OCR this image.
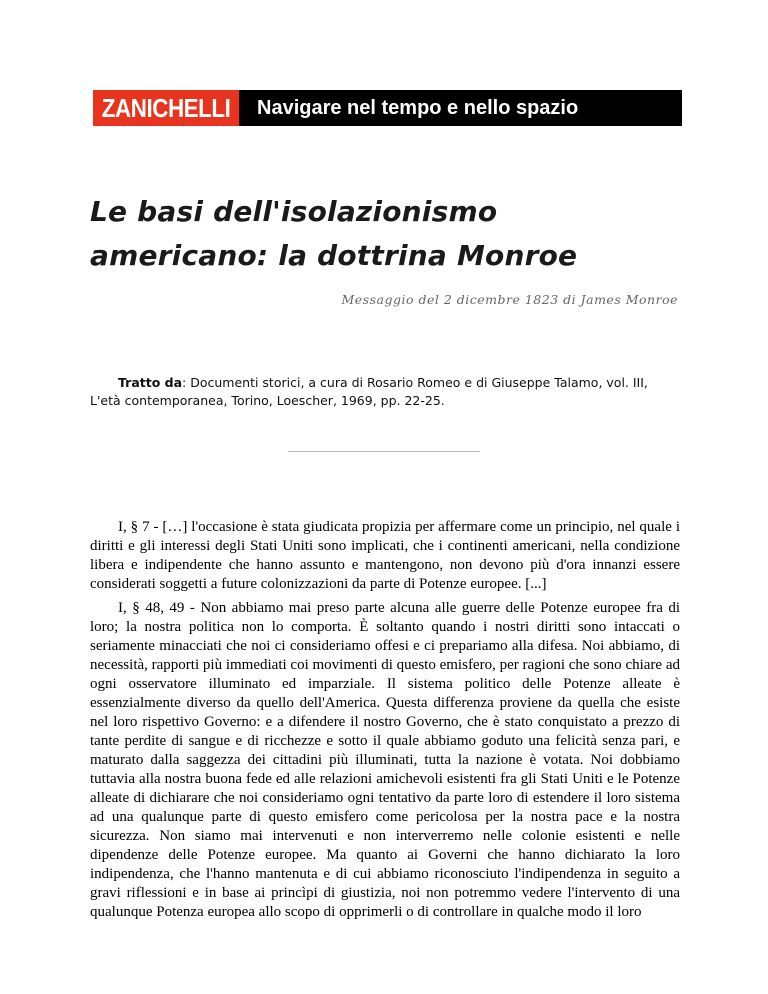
ZANICHELLI	Navigare nel tempo e nello spazio
Le basi dell'isolazionismo
americano: la dottrina Monroe

Messaggio del 2 dicembre 1823 di James Monroe

Tratto da: Documenti storici, a cura di Rosario Romeo e di Giuseppe Talamo, vol. III, L'età contemporanea, Torino, Loescher, 1969, pp. 22-25.

I, § 7 - […] l'occasione è stata giudicata propizia per affermare come un principio, nel quale i diritti e gli interessi degli Stati Uniti sono implicati, che i continenti americani, nella condizione libera e indipendente che hanno assunto e mantengono, non devono più d'ora innanzi essere considerati soggetti a future colonizzazioni da parte di Potenze europee. [...]

I, § 48, 49 - Non abbiamo mai preso parte alcuna alle guerre delle Potenze europee fra di loro; la nostra politica non lo comporta. È soltanto quando i nostri diritti sono intaccati o seriamente minacciati che noi ci consideriamo offesi e ci prepariamo alla difesa. Noi abbiamo, di necessità, rapporti più immediati coi movimenti di questo emisfero, per ragioni che sono chiare ad ogni osservatore illuminato ed imparziale. Il sistema politico delle Potenze alleate è essenzialmente diverso da quello dell'America. Questa differenza proviene da quella che esiste nel loro rispettivo Governo: e a difendere il nostro Governo, che è stato conquistato a prezzo di tante perdite di sangue e di ricchezze e sotto il quale abbiamo goduto una felicità senza pari, e maturato dalla saggezza dei cittadini più illuminati, tutta la nazione è votata. Noi dobbiamo tuttavia alla nostra buona fede ed alle relazioni amichevoli esistenti fra gli Stati Uniti e le Potenze alleate di dichiarare che noi consideriamo ogni tentativo da parte loro di estendere il loro sistema ad una qualunque parte di questo emisfero come pericolosa per la nostra pace e la nostra sicurezza. Non siamo mai intervenuti e non interverremo nelle colonie esistenti e nelle dipendenze delle Potenze europee. Ma quanto ai Governi che hanno dichiarato la loro indipendenza, che l'hanno mantenuta e di cui abbiamo riconosciuto l'indipendenza in seguito a gravi riflessioni e in base ai princìpi di giustizia, noi non potremmo vedere l'intervento di una qualunque Potenza europea allo scopo di opprimerli o di controllare in qualche modo il loro
